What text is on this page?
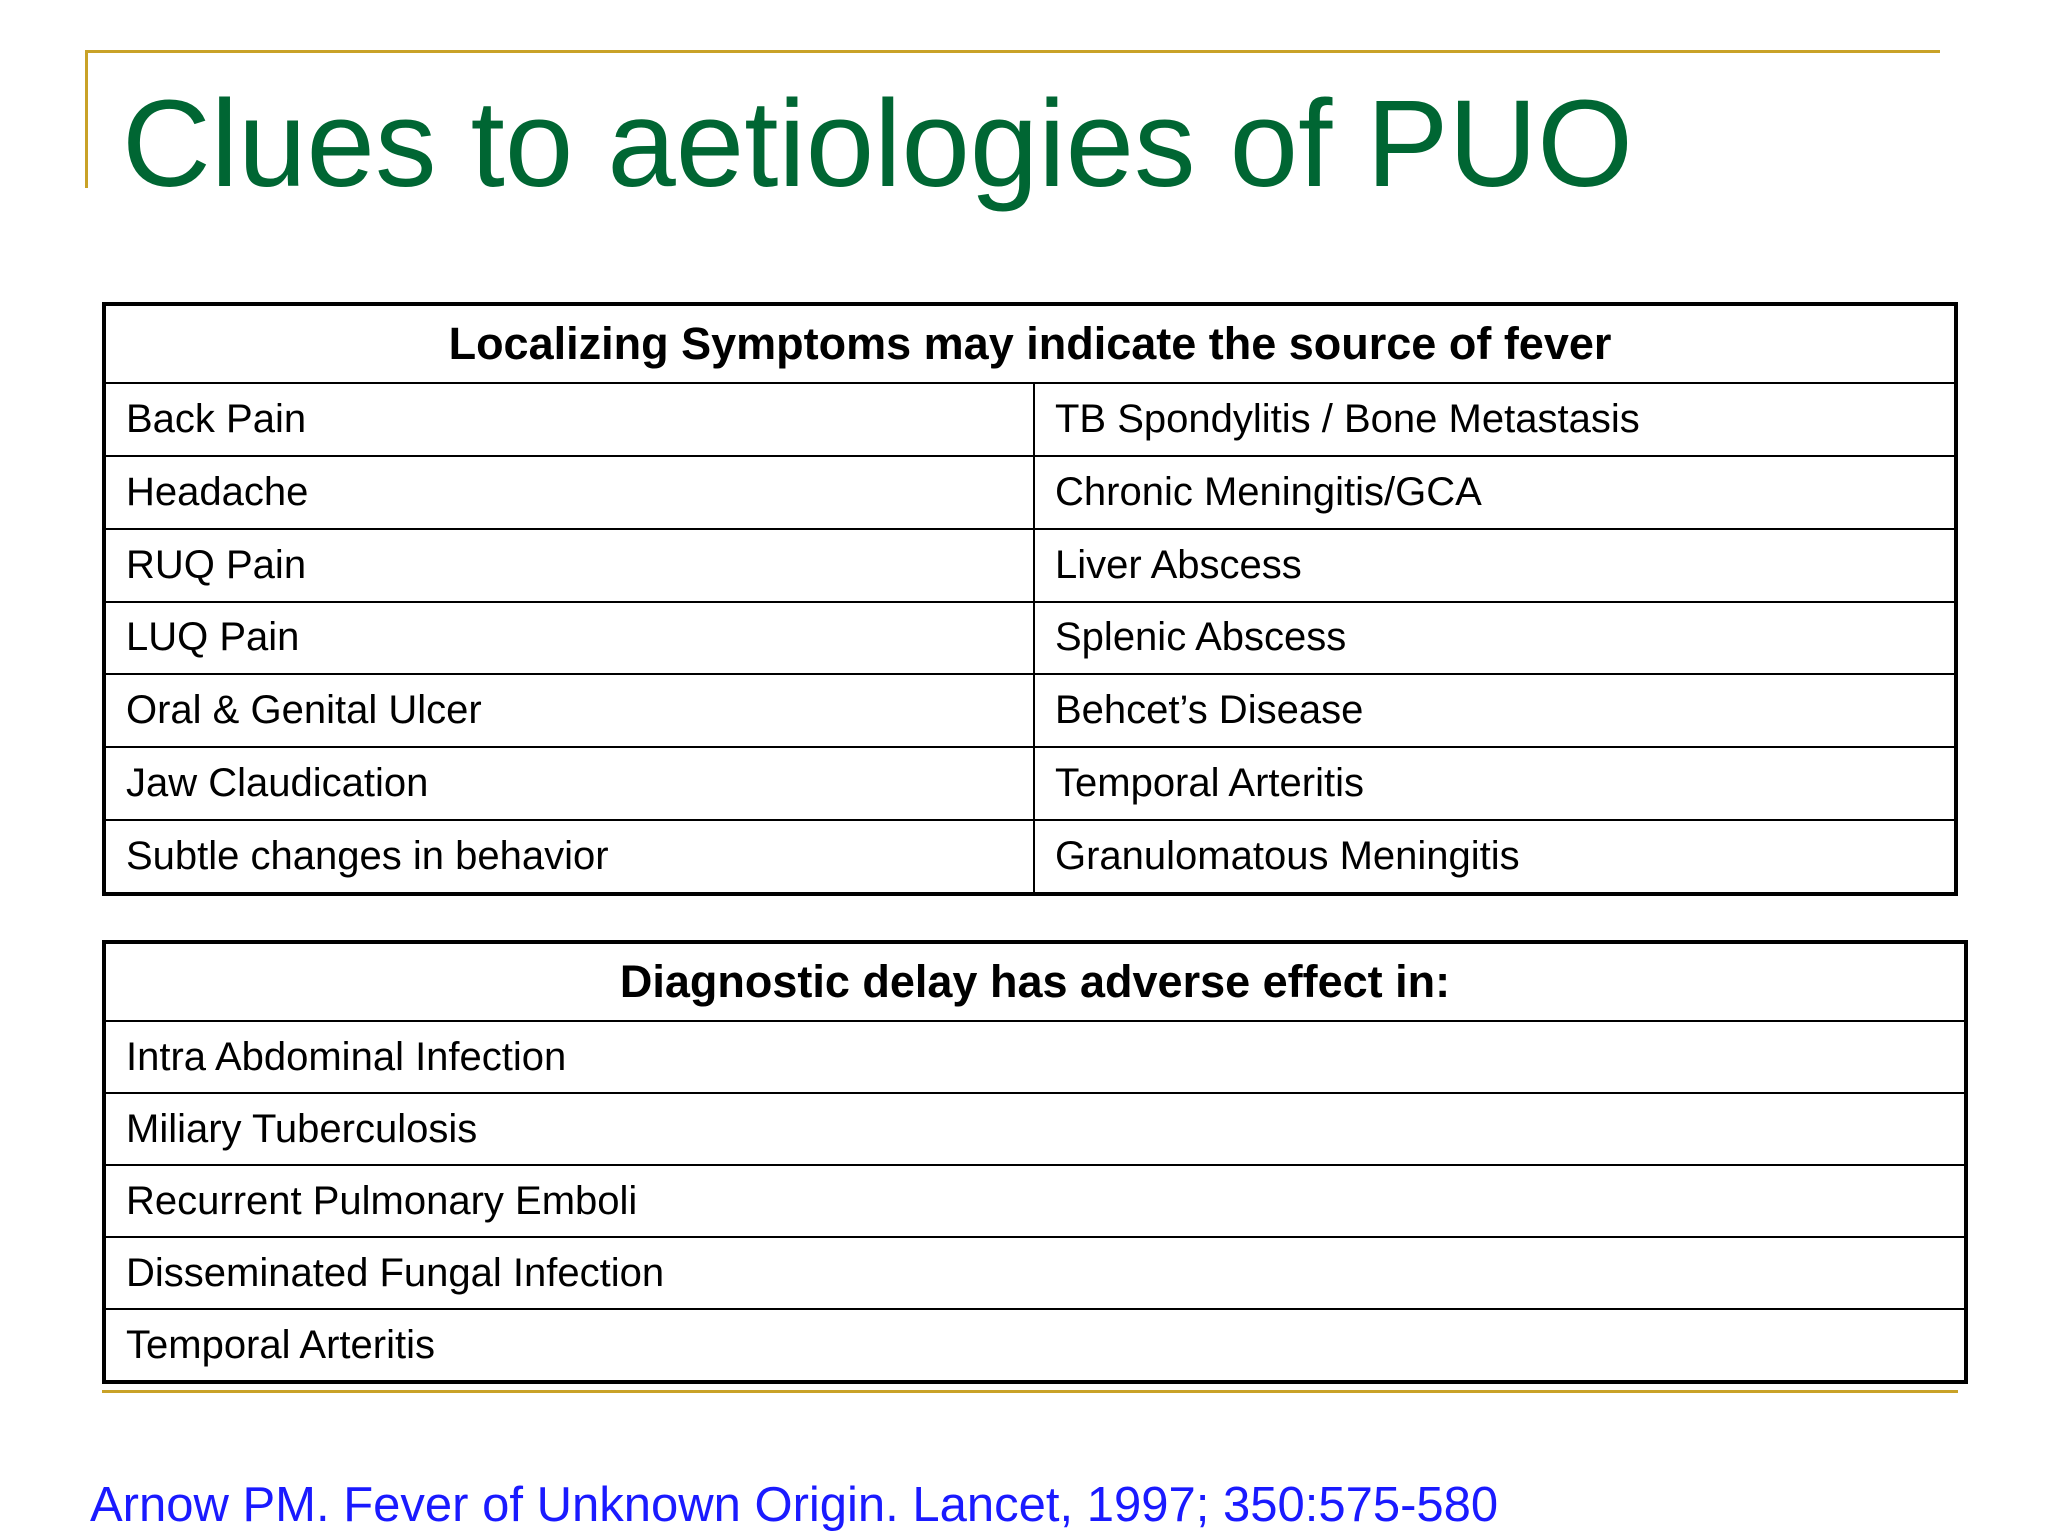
Clues to aetiologies of PUO
Localizing Symptoms may indicate the source of fever	
Back Pain	TB Spondylitis / Bone Metastasis
Headache	Chronic Meningitis/GCA
RUQ Pain	Liver Abscess
LUQ Pain	Splenic Abscess
Oral & Genital Ulcer	Behcet’s Disease
Jaw Claudication	Temporal Arteritis
Subtle changes in behavior	Granulomatous Meningitis
Diagnostic delay has adverse effect in:
Intra Abdominal Infection
Miliary Tuberculosis
Recurrent Pulmonary Emboli
Disseminated Fungal Infection
Temporal Arteritis
Arnow PM. Fever of Unknown Origin. Lancet, 1997; 350:575-580
